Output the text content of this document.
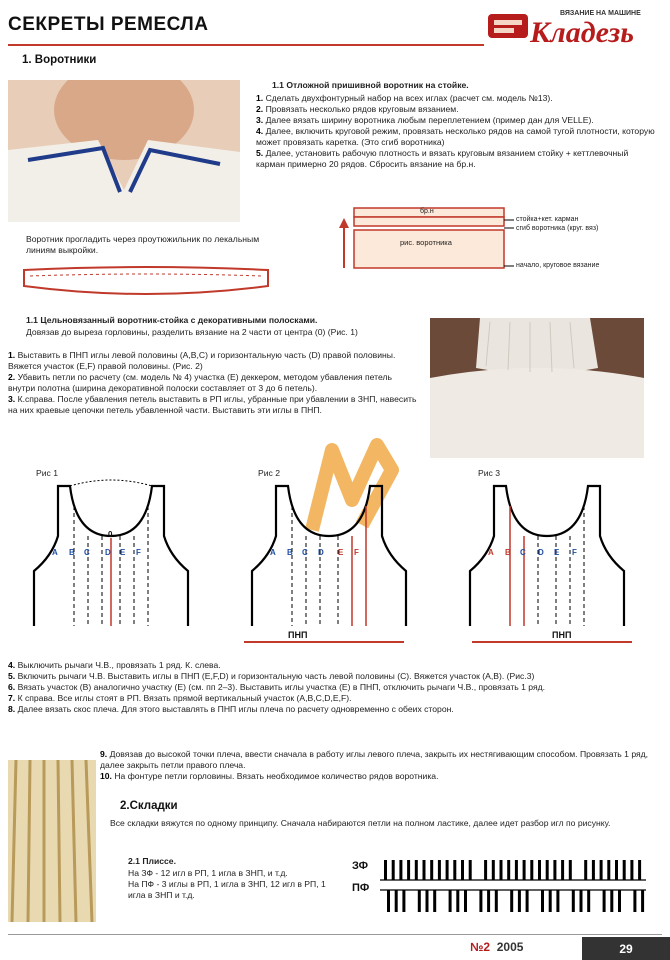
СЕКРЕТЫ РЕМЕСЛА
ВЯЗАНИЕ НА МАШИНЕ
Кладезь
1. Воротники
1.1 Отложной пришивной воротник на стойке.
1. Сделать двухфонтурный набор на всех иглах (расчет см. модель №13).
2. Провязать несколько рядов круговым вязанием.
3. Далее вязать ширину воротника любым переплетением (пример дан для VELLE).
4. Далее, включить круговой режим, провязать несколько рядов на самой тугой плотности, которую может провязать каретка. (Это сгиб воротника)
5. Далее, установить рабочую плотность и вязать круговым вязанием стойку + кеттлевочный карман примерно 20 рядов. Сбросить вязание на бр.н.
Воротник прогладить через проутюжильник по лекальным линиям выкройки.
бр.н
рис. воротника
стойка+кет. карман
сгиб воротника (круг. вяз)
начало, круговое вязание
1.1 Цельновязанный воротник-стойка с декоративными полосками.
Довязав до выреза горловины, разделить вязание на 2 части от центра (0) (Рис. 1)
1. Выставить в ПНП иглы левой половины (A,B,C) и горизонтальную часть (D) правой половины. Вяжется участок (E,F) правой половины. (Рис. 2)
2. Убавить петли по расчету (см. модель № 4) участка (E) деккером, методом убавления петель внутри полотна (ширина декоративной полоски составляет от 3 до 6 петель).
3. К.справа. После убавления петель выставить в РП иглы, убранные при убавлении в ЗНП, навесить на них краевые цепочки петель убавленной части. Выставить эти иглы в ПНП.
Рис 1	Рис 2	Рис 3
A B C D E F
0
A B C D E F
ПНП
A B C D E F
ПНП
4. Выключить рычаги Ч.В., провязать 1 ряд. К. слева.
5. Включить рычаги Ч.В. Выставить иглы в ПНП (E,F,D) и горизонтальную часть левой половины (C). Вяжется участок (A,B). (Рис.3)
6. Вязать участок (B) аналогично участку (E) (см. пп 2–3). Выставить иглы участка (E) в ПНП, отключить рычаги Ч.В., провязать 1 ряд.
7. К справа. Все иглы стоят в РП. Вязать прямой вертикальный участок (A,B,C,D,E,F).
8. Далее вязать скос плеча. Для этого выставлять в ПНП иглы плеча по расчету одновременно с обеих сторон.
9. Довязав до высокой точки плеча, ввести сначала в работу иглы левого плеча, закрыть их нестягивающим способом. Провязать 1 ряд, далее закрыть петли правого плеча.
10. На фонтуре петли горловины. Вязать необходимое количество рядов воротника.
2.Складки
Все складки вяжутся по одному принципу. Сначала набираются петли на полном ластике, далее идет разбор игл по рисунку.
2.1 Плиссе.
На ЗФ - 12 игл в РП, 1 игла в ЗНП, и т.д.
На ПФ - 3 иглы в РП, 1 игла в ЗНП, 12 игл в РП, 1 игла в ЗНП и т.д.
ЗФ
ПФ
№2 2005	29
